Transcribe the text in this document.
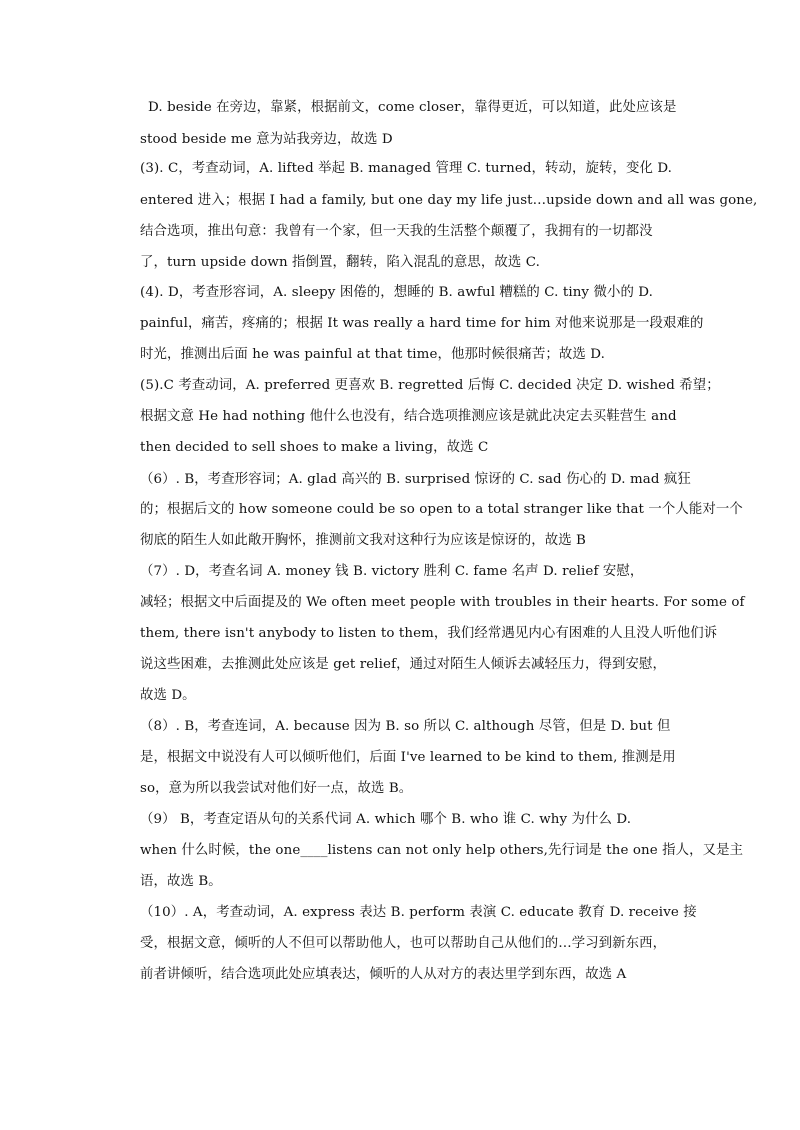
D. beside 在旁边，靠紧，根据前文，come closer，靠得更近，可以知道，此处应该是
stood beside me 意为站我旁边，故选 D
(3). C，考查动词，A. lifted 举起 B. managed 管理 C. turned，转动，旋转，变化 D.
entered 进入；根据 I had a family, but one day my life just…upside down and all was gone,
结合选项，推出句意：我曾有一个家，但一天我的生活整个颠覆了，我拥有的一切都没
了，turn upside down 指倒置，翻转，陷入混乱的意思，故选 C.
(4). D，考查形容词，A. sleepy 困倦的，想睡的 B. awful 糟糕的 C. tiny 微小的 D.
painful，痛苦，疼痛的；根据 It was really a hard time for him 对他来说那是一段艰难的
时光，推测出后面 he was painful at that time，他那时候很痛苦；故选 D.
(5).C 考查动词，A. preferred 更喜欢 B. regretted 后悔 C. decided 决定 D. wished 希望；
根据文意 He had nothing 他什么也没有，结合选项推测应该是就此决定去买鞋营生 and
then decided to sell shoes to make a living，故选 C
（6）. B，考查形容词；A. glad 高兴的 B. surprised 惊讶的 C. sad 伤心的 D. mad 疯狂
的；根据后文的 how someone could be so open to a total stranger like that 一个人能对一个
彻底的陌生人如此敞开胸怀，推测前文我对这种行为应该是惊讶的，故选 B
（7）. D，考查名词 A. money 钱 B. victory 胜利 C. fame 名声 D. relief 安慰，
减轻；根据文中后面提及的 We often meet people with troubles in their hearts. For some of
them, there isn't anybody to listen to them，我们经常遇见内心有困难的人且没人听他们诉
说这些困难，去推测此处应该是 get relief，通过对陌生人倾诉去减轻压力，得到安慰，
故选 D。
（8）. B，考查连词，A. because 因为 B. so 所以 C. although 尽管，但是 D. but 但
是，根据文中说没有人可以倾听他们，后面 I've learned to be kind to them, 推测是用
so，意为所以我尝试对他们好一点，故选 B。
（9） B，考查定语从句的关系代词 A. which 哪个 B. who 谁 C. why 为什么 D.
when 什么时候，the one____listens can not only help others,先行词是 the one 指人，又是主
语，故选 B。
（10）. A，考查动词，A. express 表达 B. perform 表演 C. educate 教育 D. receive 接
受，根据文意，倾听的人不但可以帮助他人，也可以帮助自己从他们的…学习到新东西，
前者讲倾听，结合选项此处应填表达，倾听的人从对方的表达里学到东西，故选 A
